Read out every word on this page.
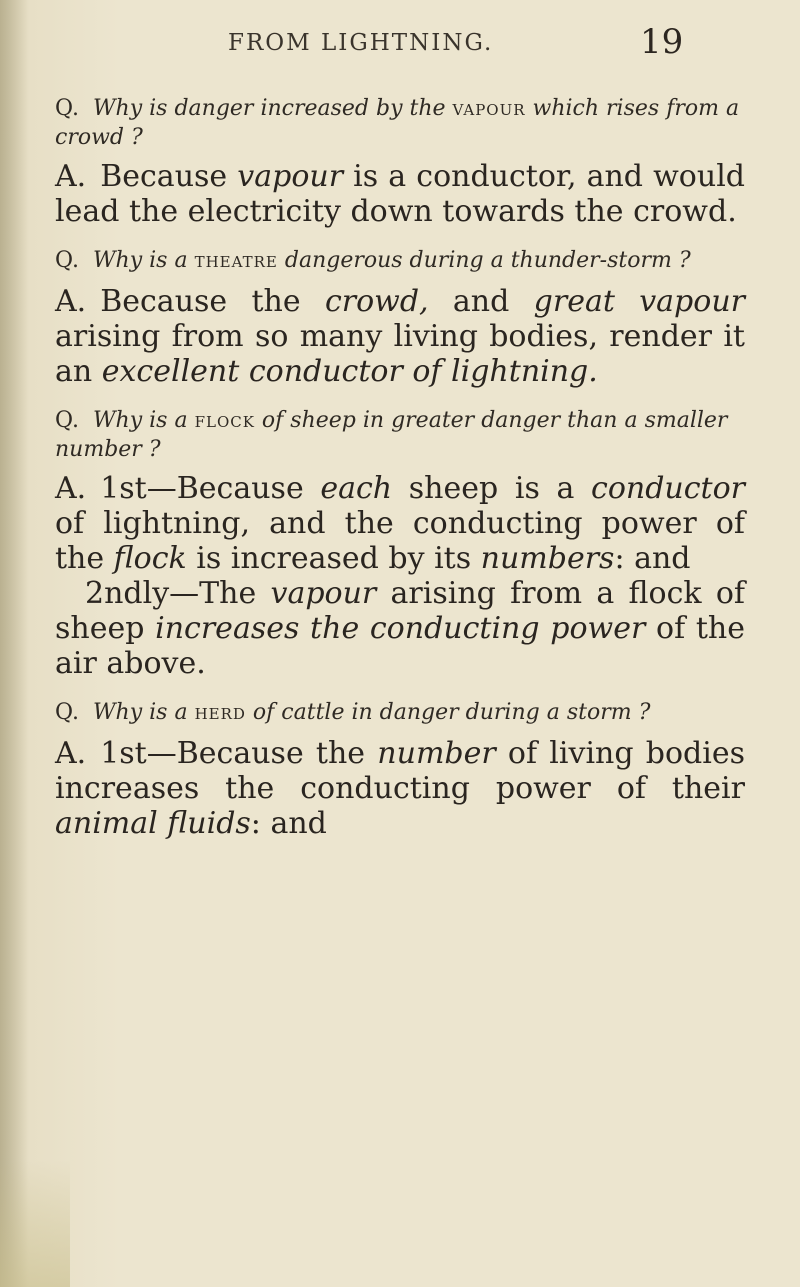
FROM LIGHTNING.	19

Q. Why is danger increased by the VAPOUR which rises from a crowd ?

A. Because vapour is a conductor, and would lead the electricity down towards the crowd.

Q. Why is a THEATRE dangerous during a thunder-storm ?

A. Because the crowd, and great vapour arising from so many living bodies, render it an excellent conductor of lightning.

Q. Why is a FLOCK of sheep in greater danger than a smaller number ?

A. 1st—Because each sheep is a conductor of lightning, and the conducting power of the flock is increased by its numbers: and

2ndly—The vapour arising from a flock of sheep increases the conducting power of the air above.

Q. Why is a HERD of cattle in danger during a storm ?

A. 1st—Because the number of living bodies increases the conducting power of their animal fluids: and
